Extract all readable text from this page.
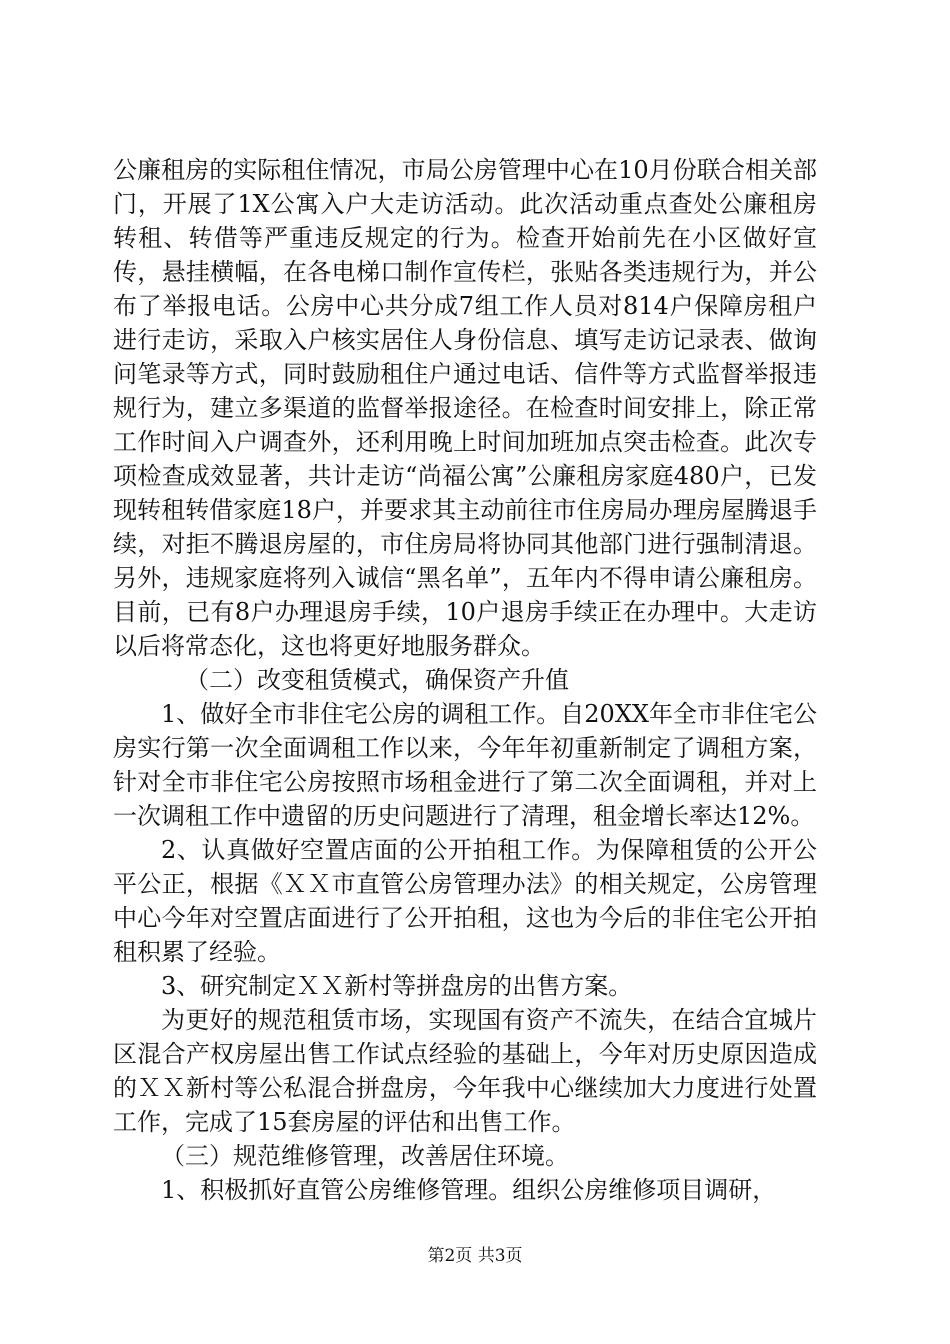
公廉租房的实际租住情况，市局公房管理中心在10月份联合相关部门，开展了1X公寓入户大走访活动。此次活动重点查处公廉租房转租、转借等严重违反规定的行为。检查开始前先在小区做好宣传，悬挂横幅，在各电梯口制作宣传栏，张贴各类违规行为，并公布了举报电话。公房中心共分成7组工作人员对814户保障房租户进行走访，采取入户核实居住人身份信息、填写走访记录表、做询问笔录等方式，同时鼓励租住户通过电话、信件等方式监督举报违规行为，建立多渠道的监督举报途径。在检查时间安排上，除正常工作时间入户调查外，还利用晚上时间加班加点突击检查。此次专项检查成效显著，共计走访“尚福公寓”公廉租房家庭480户，已发现转租转借家庭18户，并要求其主动前往市住房局办理房屋腾退手续，对拒不腾退房屋的，市住房局将协同其他部门进行强制清退。另外，违规家庭将列入诚信“黑名单”，五年内不得申请公廉租房。目前，已有8户办理退房手续，10户退房手续正在办理中。大走访以后将常态化，这也将更好地服务群众。

（二）改变租赁模式，确保资产升值

1、做好全市非住宅公房的调租工作。自20XX年全市非住宅公房实行第一次全面调租工作以来，今年年初重新制定了调租方案，针对全市非住宅公房按照市场租金进行了第二次全面调租，并对上一次调租工作中遗留的历史问题进行了清理，租金增长率达12%。

2、认真做好空置店面的公开拍租工作。为保障租赁的公开公平公正，根据《ＸＸ市直管公房管理办法》的相关规定，公房管理中心今年对空置店面进行了公开拍租，这也为今后的非住宅公开拍租积累了经验。

3、研究制定ＸＸ新村等拼盘房的出售方案。

为更好的规范租赁市场，实现国有资产不流失，在结合宜城片区混合产权房屋出售工作试点经验的基础上，今年对历史原因造成的ＸＸ新村等公私混合拼盘房，今年我中心继续加大力度进行处置工作，完成了15套房屋的评估和出售工作。

（三）规范维修管理，改善居住环境。

1、积极抓好直管公房维修管理。组织公房维修项目调研，

第2页 共3页
